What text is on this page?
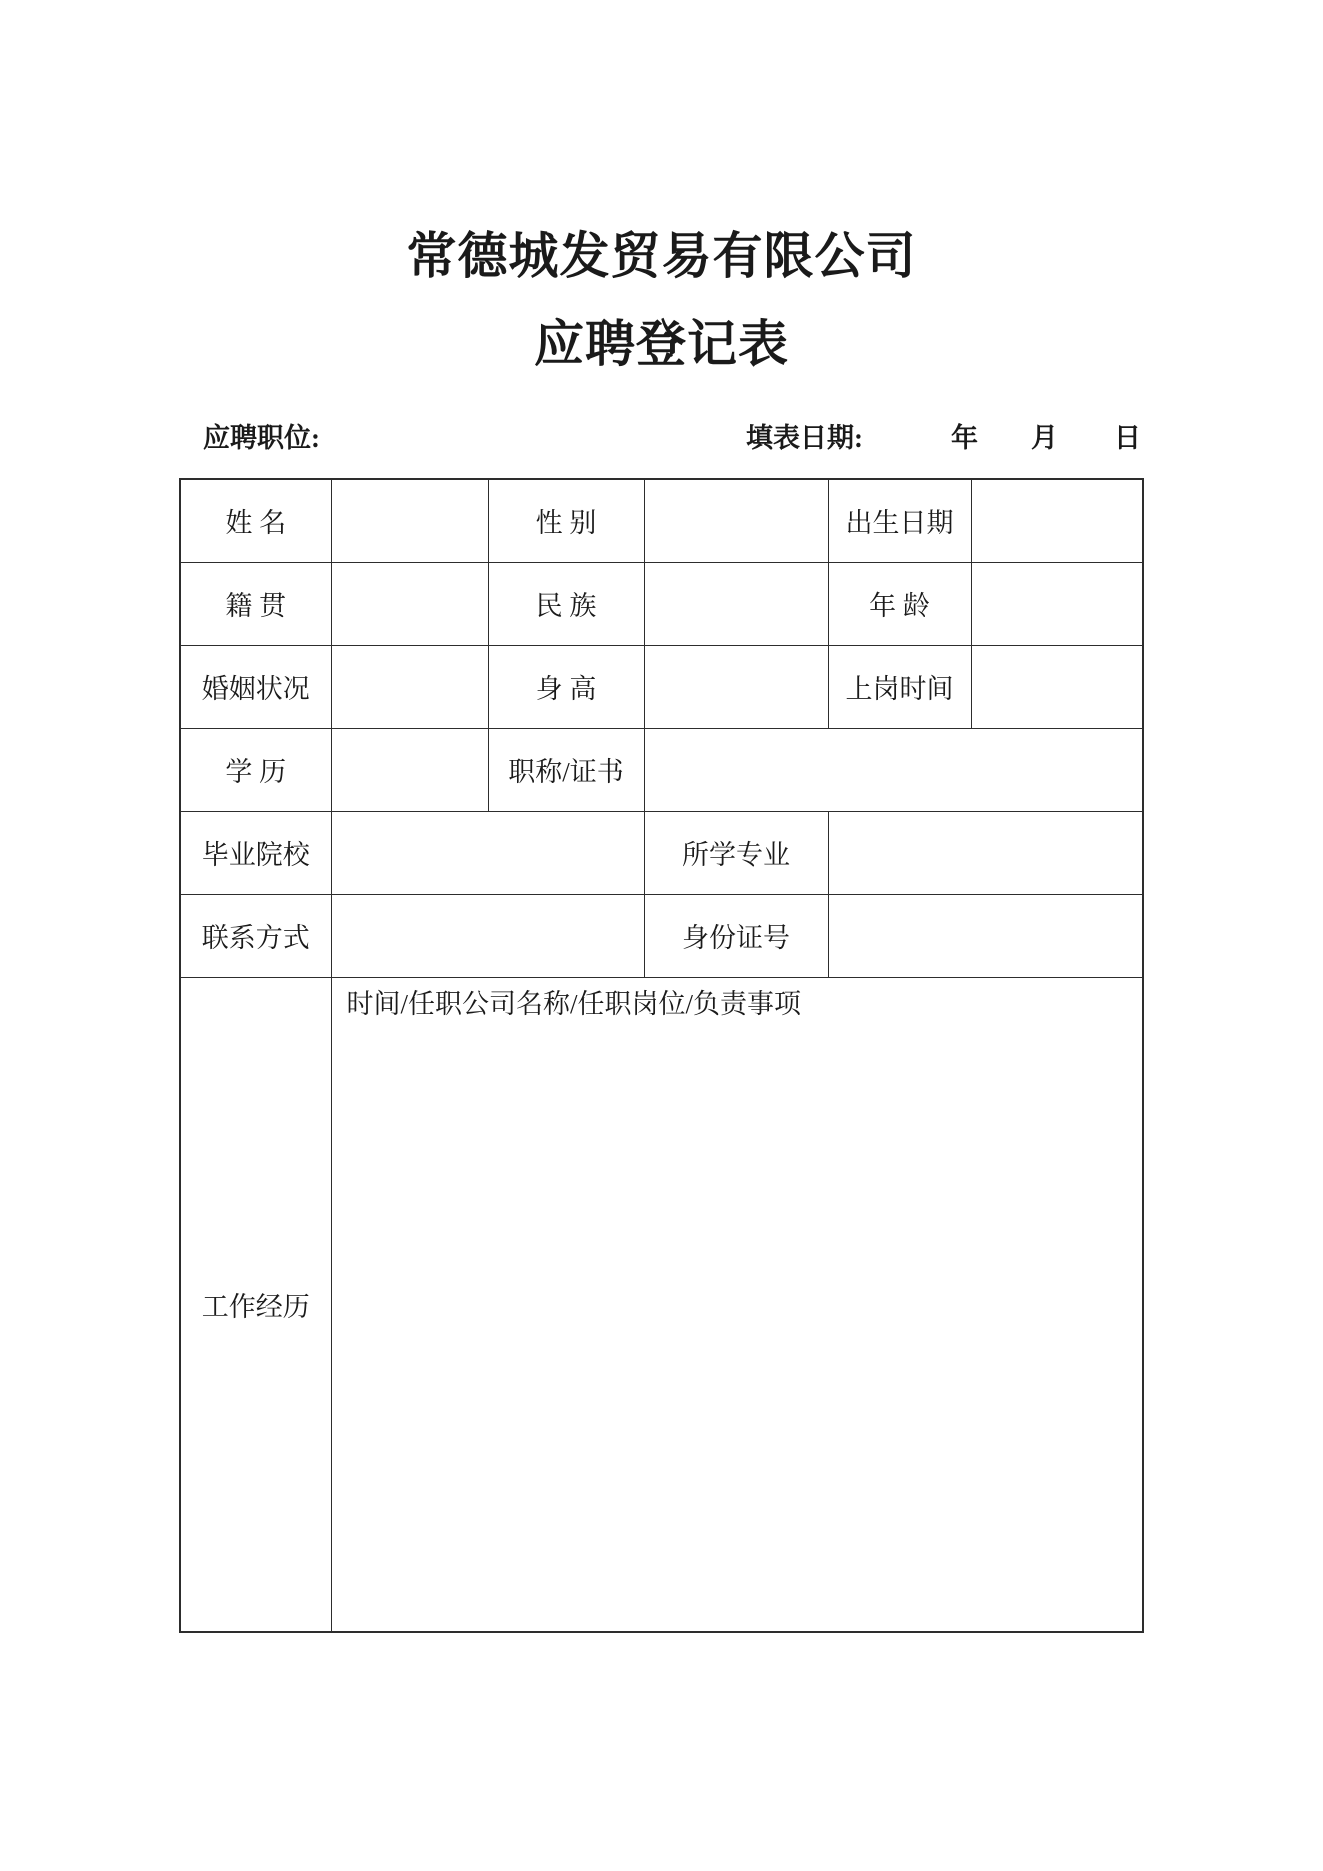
常德城发贸易有限公司
应聘登记表
应聘职位:	填表日期:	年 月 日
姓 名		性 别		出生日期	
籍 贯		民 族		年 龄	
婚姻状况		身 高		上岗时间	
学 历		职称/证书			
毕业院校			所学专业		
联系方式			身份证号		
工作经历	时间/任职公司名称/任职岗位/负责事项				
